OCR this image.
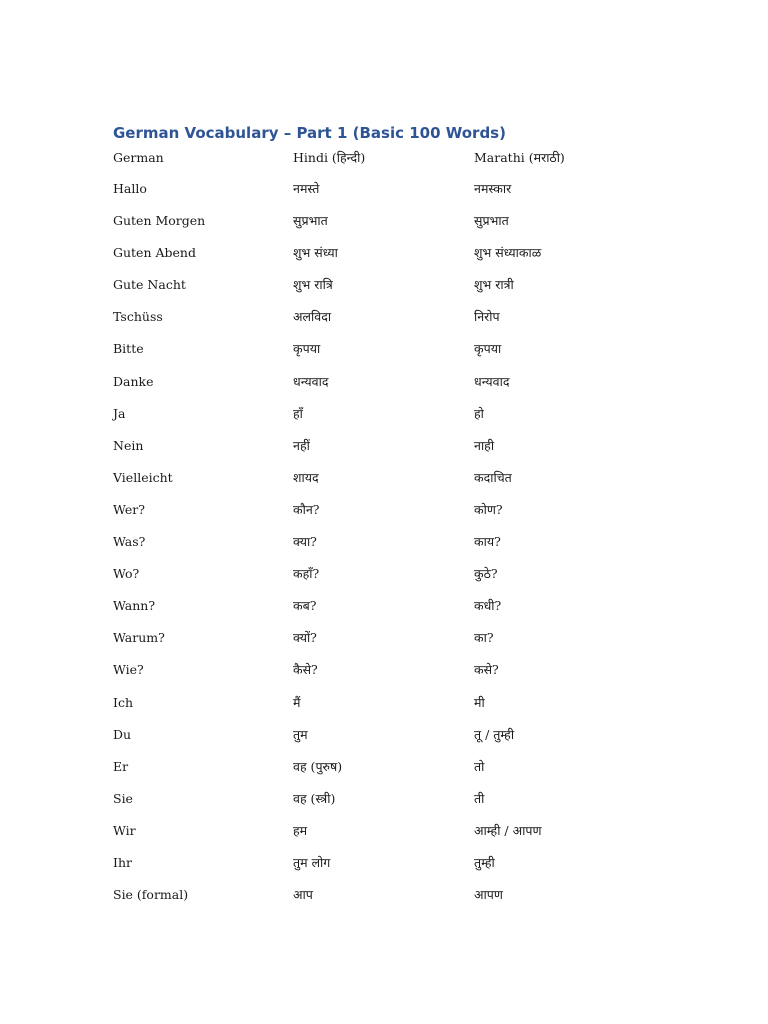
German Vocabulary – Part 1 (Basic 100 Words)
German	Hindi (हिन्दी)	Marathi (मराठी)
Hallo	नमस्ते	नमस्कार
Guten Morgen	सुप्रभात	सुप्रभात
Guten Abend	शुभ संध्या	शुभ संध्याकाळ
Gute Nacht	शुभ रात्रि	शुभ रात्री
Tschüss	अलविदा	निरोप
Bitte	कृपया	कृपया
Danke	धन्यवाद	धन्यवाद
Ja	हाँ	हो
Nein	नहीं	नाही
Vielleicht	शायद	कदाचित
Wer?	कौन?	कोण?
Was?	क्या?	काय?
Wo?	कहाँ?	कुठे?
Wann?	कब?	कधी?
Warum?	क्यों?	का?
Wie?	कैसे?	कसे?
Ich	मैं	मी
Du	तुम	तू / तुम्ही
Er	वह (पुरुष)	तो
Sie	वह (स्त्री)	ती
Wir	हम	आम्ही / आपण
Ihr	तुम लोग	तुम्ही
Sie (formal)	आप	आपण
